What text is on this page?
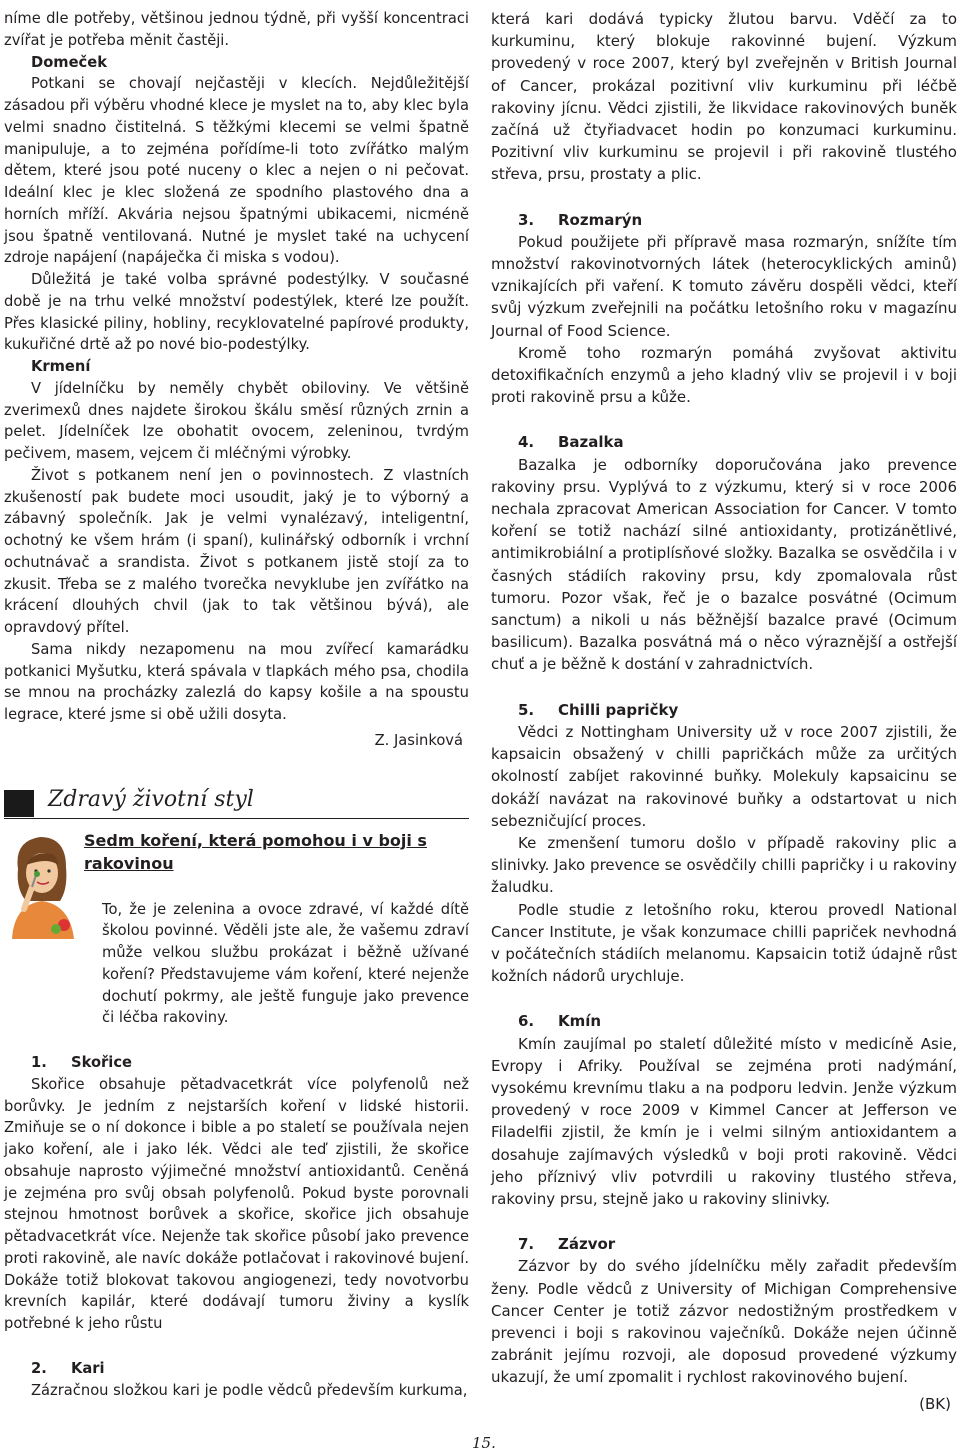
níme dle potřeby, většinou jednou týdně, při vyšší koncentraci zvířat je potřeba měnit častěji.

Domeček

Potkani se chovají nejčastěji v klecích. Nejdůležitější zásadou při výběru vhodné klece je myslet na to, aby klec byla velmi snadno čistitelná. S těžkými klecemi se velmi špatně manipuluje, a to zejména pořídíme-li toto zvířátko malým dětem, které jsou poté nuceny o klec a nejen o ni pečovat. Ideální klec je klec složená ze spodního plastového dna a horních mříží. Akvária nejsou špatnými ubikacemi, nicméně jsou špatně ventilovaná. Nutné je myslet také na uchycení zdroje napájení (napáječka či miska s vodou).

Důležitá je také volba správné podestýlky. V současné době je na trhu velké množství podestýlek, které lze použít. Přes klasické piliny, hobliny, recyklovatelné papírové produkty, kukuřičné drtě až po nové bio-podestýlky.

Krmení

V jídelníčku by neměly chybět obiloviny. Ve většině zverimexů dnes najdete širokou škálu směsí různých zrnin a pelet. Jídelníček lze obohatit ovocem, zeleninou, tvrdým pečivem, masem, vejcem či mléčnými výrobky.

Život s potkanem není jen o povinnostech. Z vlastních zkušeností pak budete moci usoudit, jaký je to výborný a zábavný společník. Jak je velmi vynalézavý, inteligentní, ochotný ke všem hrám (i spaní), kulinářský odborník i vrchní ochutnávač a srandista. Život s potkanem jistě stojí za to zkusit. Třeba se z malého tvorečka nevyklube jen zvířátko na krácení dlouhých chvil (jak to tak většinou bývá), ale opravdový přítel.

Sama nikdy nezapomenu na mou zvířecí kamarádku potkanici Myšutku, která spávala v tlapkách mého psa, chodila se mnou na procházky zalezlá do kapsy košile a na spoustu legrace, které jsme si obě užili dosyta.

Z. Jasinková

Zdravý životní styl

Sedm koření, která pomohou i v boji s rakovinou

To, že je zelenina a ovoce zdravé, ví každé dítě školou povinné. Věděli jste ale, že vašemu zdraví může velkou službu prokázat i běžně užívané koření? Představujeme vám koření, které nejenže dochutí pokrmy, ale ještě funguje jako prevence či léčba rakoviny.

1. Skořice

Skořice obsahuje pětadvacetkrát více polyfenolů než borůvky. Je jedním z nejstarších koření v lidské historii. Zmiňuje se o ní dokonce i bible a po staletí se používala nejen jako koření, ale i jako lék. Vědci ale teď zjistili, že skořice obsahuje naprosto výjimečné množství antioxidantů. Ceněná je zejména pro svůj obsah polyfenolů. Pokud byste porovnali stejnou hmotnost borůvek a skořice, skořice jich obsahuje pětadvacetkrát více. Nejenže tak skořice působí jako prevence proti rakovině, ale navíc dokáže potlačovat i rakovinové bujení. Dokáže totiž blokovat takovou angiogenezi, tedy novotvorbu krevních kapilár, které dodávají tumoru živiny a kyslík potřebné k jeho růstu

2. Kari

Zázračnou složkou kari je podle vědců především kurkuma,

která kari dodává typicky žlutou barvu. Vděčí za to kurkuminu, který blokuje rakovinné bujení. Výzkum provedený v roce 2007, který byl zveřejněn v British Journal of Cancer, prokázal pozitivní vliv kurkuminu při léčbě rakoviny jícnu. Vědci zjistili, že likvidace rakovinových buněk začíná už čtyřiadvacet hodin po konzumaci kurkuminu. Pozitivní vliv kurkuminu se projevil i při rakovině tlustého střeva, prsu, prostaty a plic.

3. Rozmarýn

Pokud použijete při přípravě masa rozmarýn, snížíte tím množství rakovinotvorných látek (heterocyklických aminů) vznikajících při vaření. K tomuto závěru dospěli vědci, kteří svůj výzkum zveřejnili na počátku letošního roku v magazínu Journal of Food Science.

Kromě toho rozmarýn pomáhá zvyšovat aktivitu detoxifikačních enzymů a jeho kladný vliv se projevil i v boji proti rakovině prsu a kůže.

4. Bazalka

Bazalka je odborníky doporučována jako prevence rakoviny prsu. Vyplývá to z výzkumu, který si v roce 2006 nechala zpracovat American Association for Cancer. V tomto koření se totiž nachází silné antioxidanty, protizánětlivé, antimikrobiální a protiplísňové složky. Bazalka se osvědčila i v časných stádiích rakoviny prsu, kdy zpomalovala růst tumoru. Pozor však, řeč je o bazalce posvátné (Ocimum sanctum) a nikoli u nás běžnější bazalce pravé (Ocimum basilicum). Bazalka posvátná má o něco výraznější a ostřejší chuť a je běžně k dostání v zahradnictvích.

5. Chilli papričky

Vědci z Nottingham University už v roce 2007 zjistili, že kapsaicin obsažený v chilli papričkách může za určitých okolností zabíjet rakovinné buňky. Molekuly kapsaicinu se dokáží navázat na rakovinové buňky a odstartovat u nich sebezničující proces.

Ke zmenšení tumoru došlo v případě rakoviny plic a slinivky. Jako prevence se osvědčily chilli papričky i u rakoviny žaludku.

Podle studie z letošního roku, kterou provedl National Cancer Institute, je však konzumace chilli papriček nevhodná v počátečních stádiích melanomu. Kapsaicin totiž údajně růst kožních nádorů urychluje.

6. Kmín

Kmín zaujímal po staletí důležité místo v medicíně Asie, Evropy i Afriky. Používal se zejména proti nadýmání, vysokému krevnímu tlaku a na podporu ledvin. Jenže výzkum provedený v roce 2009 v Kimmel Cancer at Jefferson ve Filadelfii zjistil, že kmín je i velmi silným antioxidantem a dosahuje zajímavých výsledků v boji proti rakovině. Vědci jeho příznivý vliv potvrdili u rakoviny tlustého střeva, rakoviny prsu, stejně jako u rakoviny slinivky.

7. Zázvor

Zázvor by do svého jídelníčku měly zařadit především ženy. Podle vědců z University of Michigan Comprehensive Cancer Center je totiž zázvor nedostižným prostředkem v prevenci i boji s rakovinou vaječníků. Dokáže nejen účinně zabránit jejímu rozvoji, ale doposud provedené výzkumy ukazují, že umí zpomalit i rychlost rakovinového bujení.

(BK)

15.
